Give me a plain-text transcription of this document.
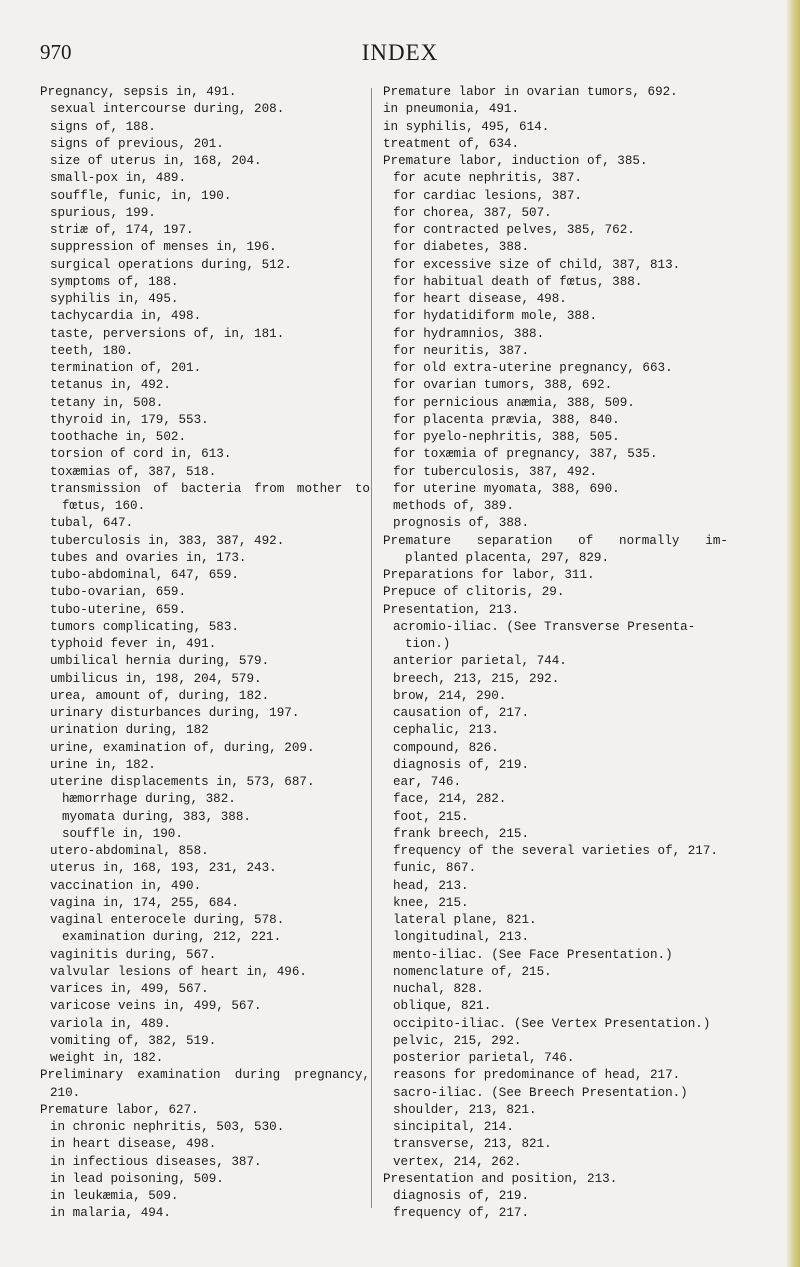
970	INDEX
Pregnancy, sepsis in, 491.
sexual intercourse during, 208.
signs of, 188.
signs of previous, 201.
size of uterus in, 168, 204.
small-pox in, 489.
souffle, funic, in, 190.
spurious, 199.
striæ of, 174, 197.
suppression of menses in, 196.
surgical operations during, 512.
symptoms of, 188.
syphilis in, 495.
tachycardia in, 498.
taste, perversions of, in, 181.
teeth, 180.
termination of, 201.
tetanus in, 492.
tetany in, 508.
thyroid in, 179, 553.
toothache in, 502.
torsion of cord in, 613.
toxæmias of, 387, 518.
transmission of bacteria from mother to
fœtus, 160.
tubal, 647.
tuberculosis in, 383, 387, 492.
tubes and ovaries in, 173.
tubo-abdominal, 647, 659.
tubo-ovarian, 659.
tubo-uterine, 659.
tumors complicating, 583.
typhoid fever in, 491.
umbilical hernia during, 579.
umbilicus in, 198, 204, 579.
urea, amount of, during, 182.
urinary disturbances during, 197.
urination during, 182
urine, examination of, during, 209.
urine in, 182.
uterine displacements in, 573, 687.
hæmorrhage during, 382.
myomata during, 383, 388.
souffle in, 190.
utero-abdominal, 858.
uterus in, 168, 193, 231, 243.
vaccination in, 490.
vagina in, 174, 255, 684.
vaginal enterocele during, 578.
examination during, 212, 221.
vaginitis during, 567.
valvular lesions of heart in, 496.
varices in, 499, 567.
varicose veins in, 499, 567.
variola in, 489.
vomiting of, 382, 519.
weight in, 182.
Preliminary examination during pregnancy,
210.
Premature labor, 627.
in chronic nephritis, 503, 530.
in heart disease, 498.
in infectious diseases, 387.
in lead poisoning, 509.
in leukæmia, 509.
in malaria, 494.
Premature labor in ovarian tumors, 692.
in pneumonia, 491.
in syphilis, 495, 614.
treatment of, 634.
Premature labor, induction of, 385.
for acute nephritis, 387.
for cardiac lesions, 387.
for chorea, 387, 507.
for contracted pelves, 385, 762.
for diabetes, 388.
for excessive size of child, 387, 813.
for habitual death of fœtus, 388.
for heart disease, 498.
for hydatidiform mole, 388.
for hydramnios, 388.
for neuritis, 387.
for old extra-uterine pregnancy, 663.
for ovarian tumors, 388, 692.
for pernicious anæmia, 388, 509.
for placenta prævia, 388, 840.
for pyelo-nephritis, 388, 505.
for toxæmia of pregnancy, 387, 535.
for tuberculosis, 387, 492.
for uterine myomata, 388, 690.
methods of, 389.
prognosis of, 388.
Premature separation of normally im-
planted placenta, 297, 829.
Preparations for labor, 311.
Prepuce of clitoris, 29.
Presentation, 213.
acromio-iliac. (See Transverse Presenta-
tion.)
anterior parietal, 744.
breech, 213, 215, 292.
brow, 214, 290.
causation of, 217.
cephalic, 213.
compound, 826.
diagnosis of, 219.
ear, 746.
face, 214, 282.
foot, 215.
frank breech, 215.
frequency of the several varieties of, 217.
funic, 867.
head, 213.
knee, 215.
lateral plane, 821.
longitudinal, 213.
mento-iliac. (See Face Presentation.)
nomenclature of, 215.
nuchal, 828.
oblique, 821.
occipito-iliac. (See Vertex Presentation.)
pelvic, 215, 292.
posterior parietal, 746.
reasons for predominance of head, 217.
sacro-iliac. (See Breech Presentation.)
shoulder, 213, 821.
sincipital, 214.
transverse, 213, 821.
vertex, 214, 262.
Presentation and position, 213.
diagnosis of, 219.
frequency of, 217.
